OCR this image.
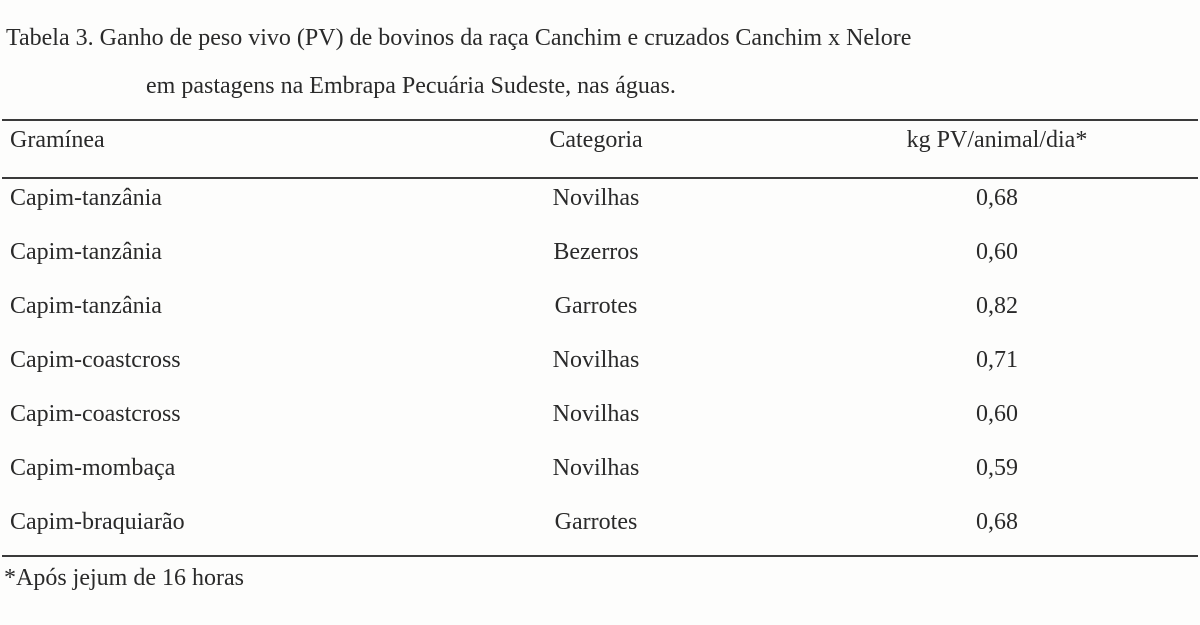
Tabela 3. Ganho de peso vivo (PV) de bovinos da raça Canchim e cruzados Canchim x Nelore
em pastagens na Embrapa Pecuária Sudeste, nas águas.
Gramínea	Categoria	kg PV/animal/dia*
Capim-tanzânia	Novilhas	0,68
Capim-tanzânia	Bezerros	0,60
Capim-tanzânia	Garrotes	0,82
Capim-coastcross	Novilhas	0,71
Capim-coastcross	Novilhas	0,60
Capim-mombaça	Novilhas	0,59
Capim-braquiarão	Garrotes	0,68
*Após jejum de 16 horas
